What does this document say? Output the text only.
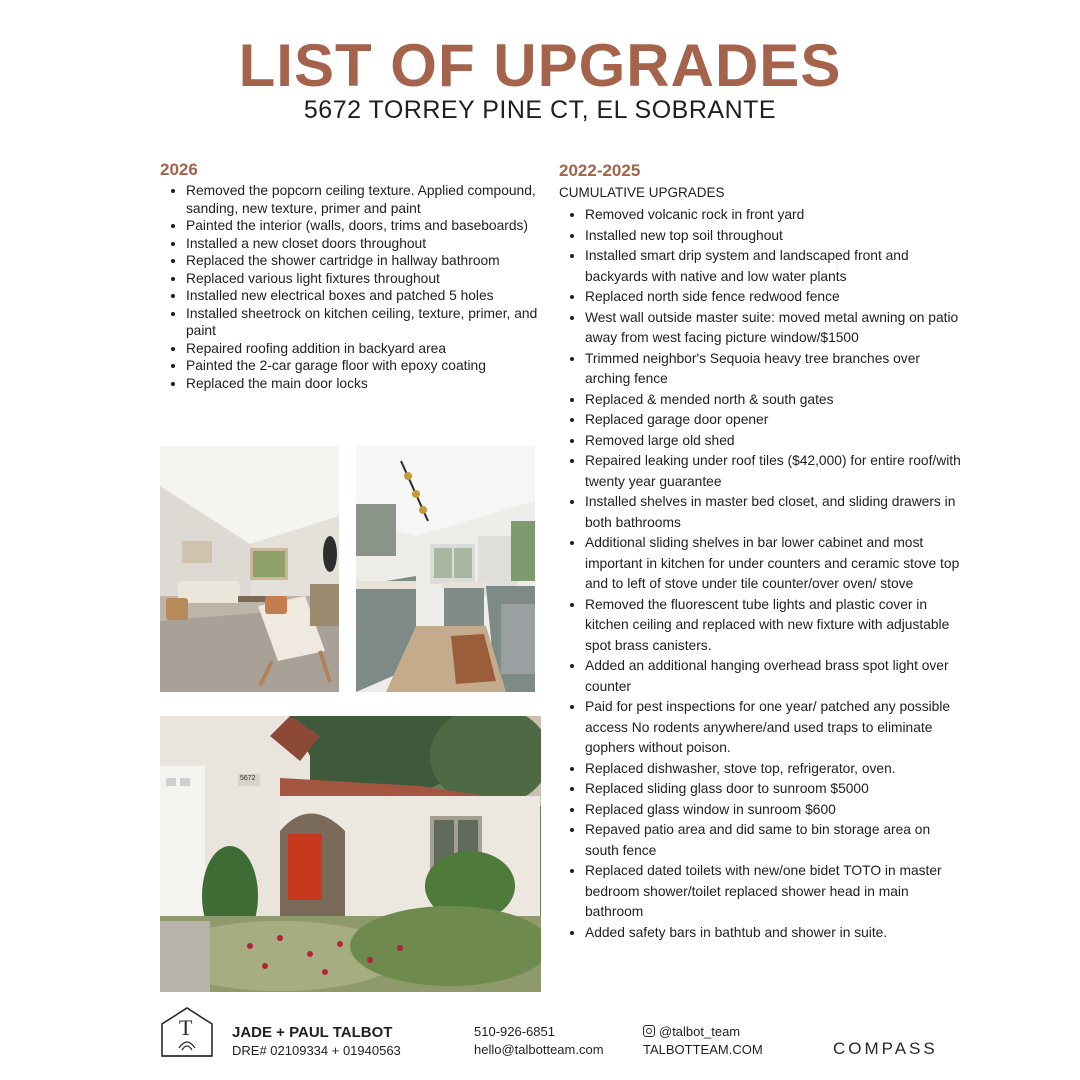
LIST OF UPGRADES
5672 TORREY PINE CT, EL SOBRANTE
2026
• Removed the popcorn ceiling texture. Applied compound, sanding, new texture, primer and paint
• Painted the interior (walls, doors, trims and baseboards)
• Installed a new closet doors throughout
• Replaced the shower cartridge in hallway bathroom
• Replaced various light fixtures throughout
• Installed new electrical boxes and patched 5 holes
• Installed sheetrock on kitchen ceiling, texture, primer, and paint
• Repaired roofing addition in backyard area
• Painted the 2-car garage floor with epoxy coating
• Replaced the main door locks
2022-2025
CUMULATIVE UPGRADES
• Removed volcanic rock in front yard
• Installed new top soil throughout
• Installed smart drip system and landscaped front and backyards with native and low water plants
• Replaced north side fence redwood fence
• West wall outside master suite: moved metal awning on patio away from west facing picture window/$1500
• Trimmed neighbor's Sequoia heavy tree branches over arching fence
• Replaced & mended north & south gates
• Replaced garage door opener
• Removed large old shed
• Repaired leaking under roof tiles ($42,000) for entire roof/with twenty year guarantee
• Installed shelves in master bed closet, and sliding drawers in both bathrooms
• Additional sliding shelves in bar lower cabinet and most important in kitchen for under counters and ceramic stove top and to left of stove under tile counter/over oven/ stove
• Removed the fluorescent tube lights and plastic cover in kitchen ceiling and replaced with new fixture with adjustable spot brass canisters.
• Added an additional hanging overhead brass spot light over counter
• Paid for pest inspections for one year/ patched any possible access No rodents anywhere/and used traps to eliminate gophers without poison.
• Replaced dishwasher, stove top, refrigerator, oven.
• Replaced sliding glass door to sunroom $5000
• Replaced glass window in sunroom $600
• Repaved patio area and did same to bin storage area on south fence
• Replaced dated toilets with new/one bidet TOTO in master bedroom shower/toilet replaced shower head in main bathroom
• Added safety bars in bathtub and shower in suite.
5672
T	JADE + PAUL TALBOT
DRE# 02109334 + 01940563
510-926-6851
hello@talbotteam.com
@talbot_team
TALBOTTEAM.COM	COMPASS
